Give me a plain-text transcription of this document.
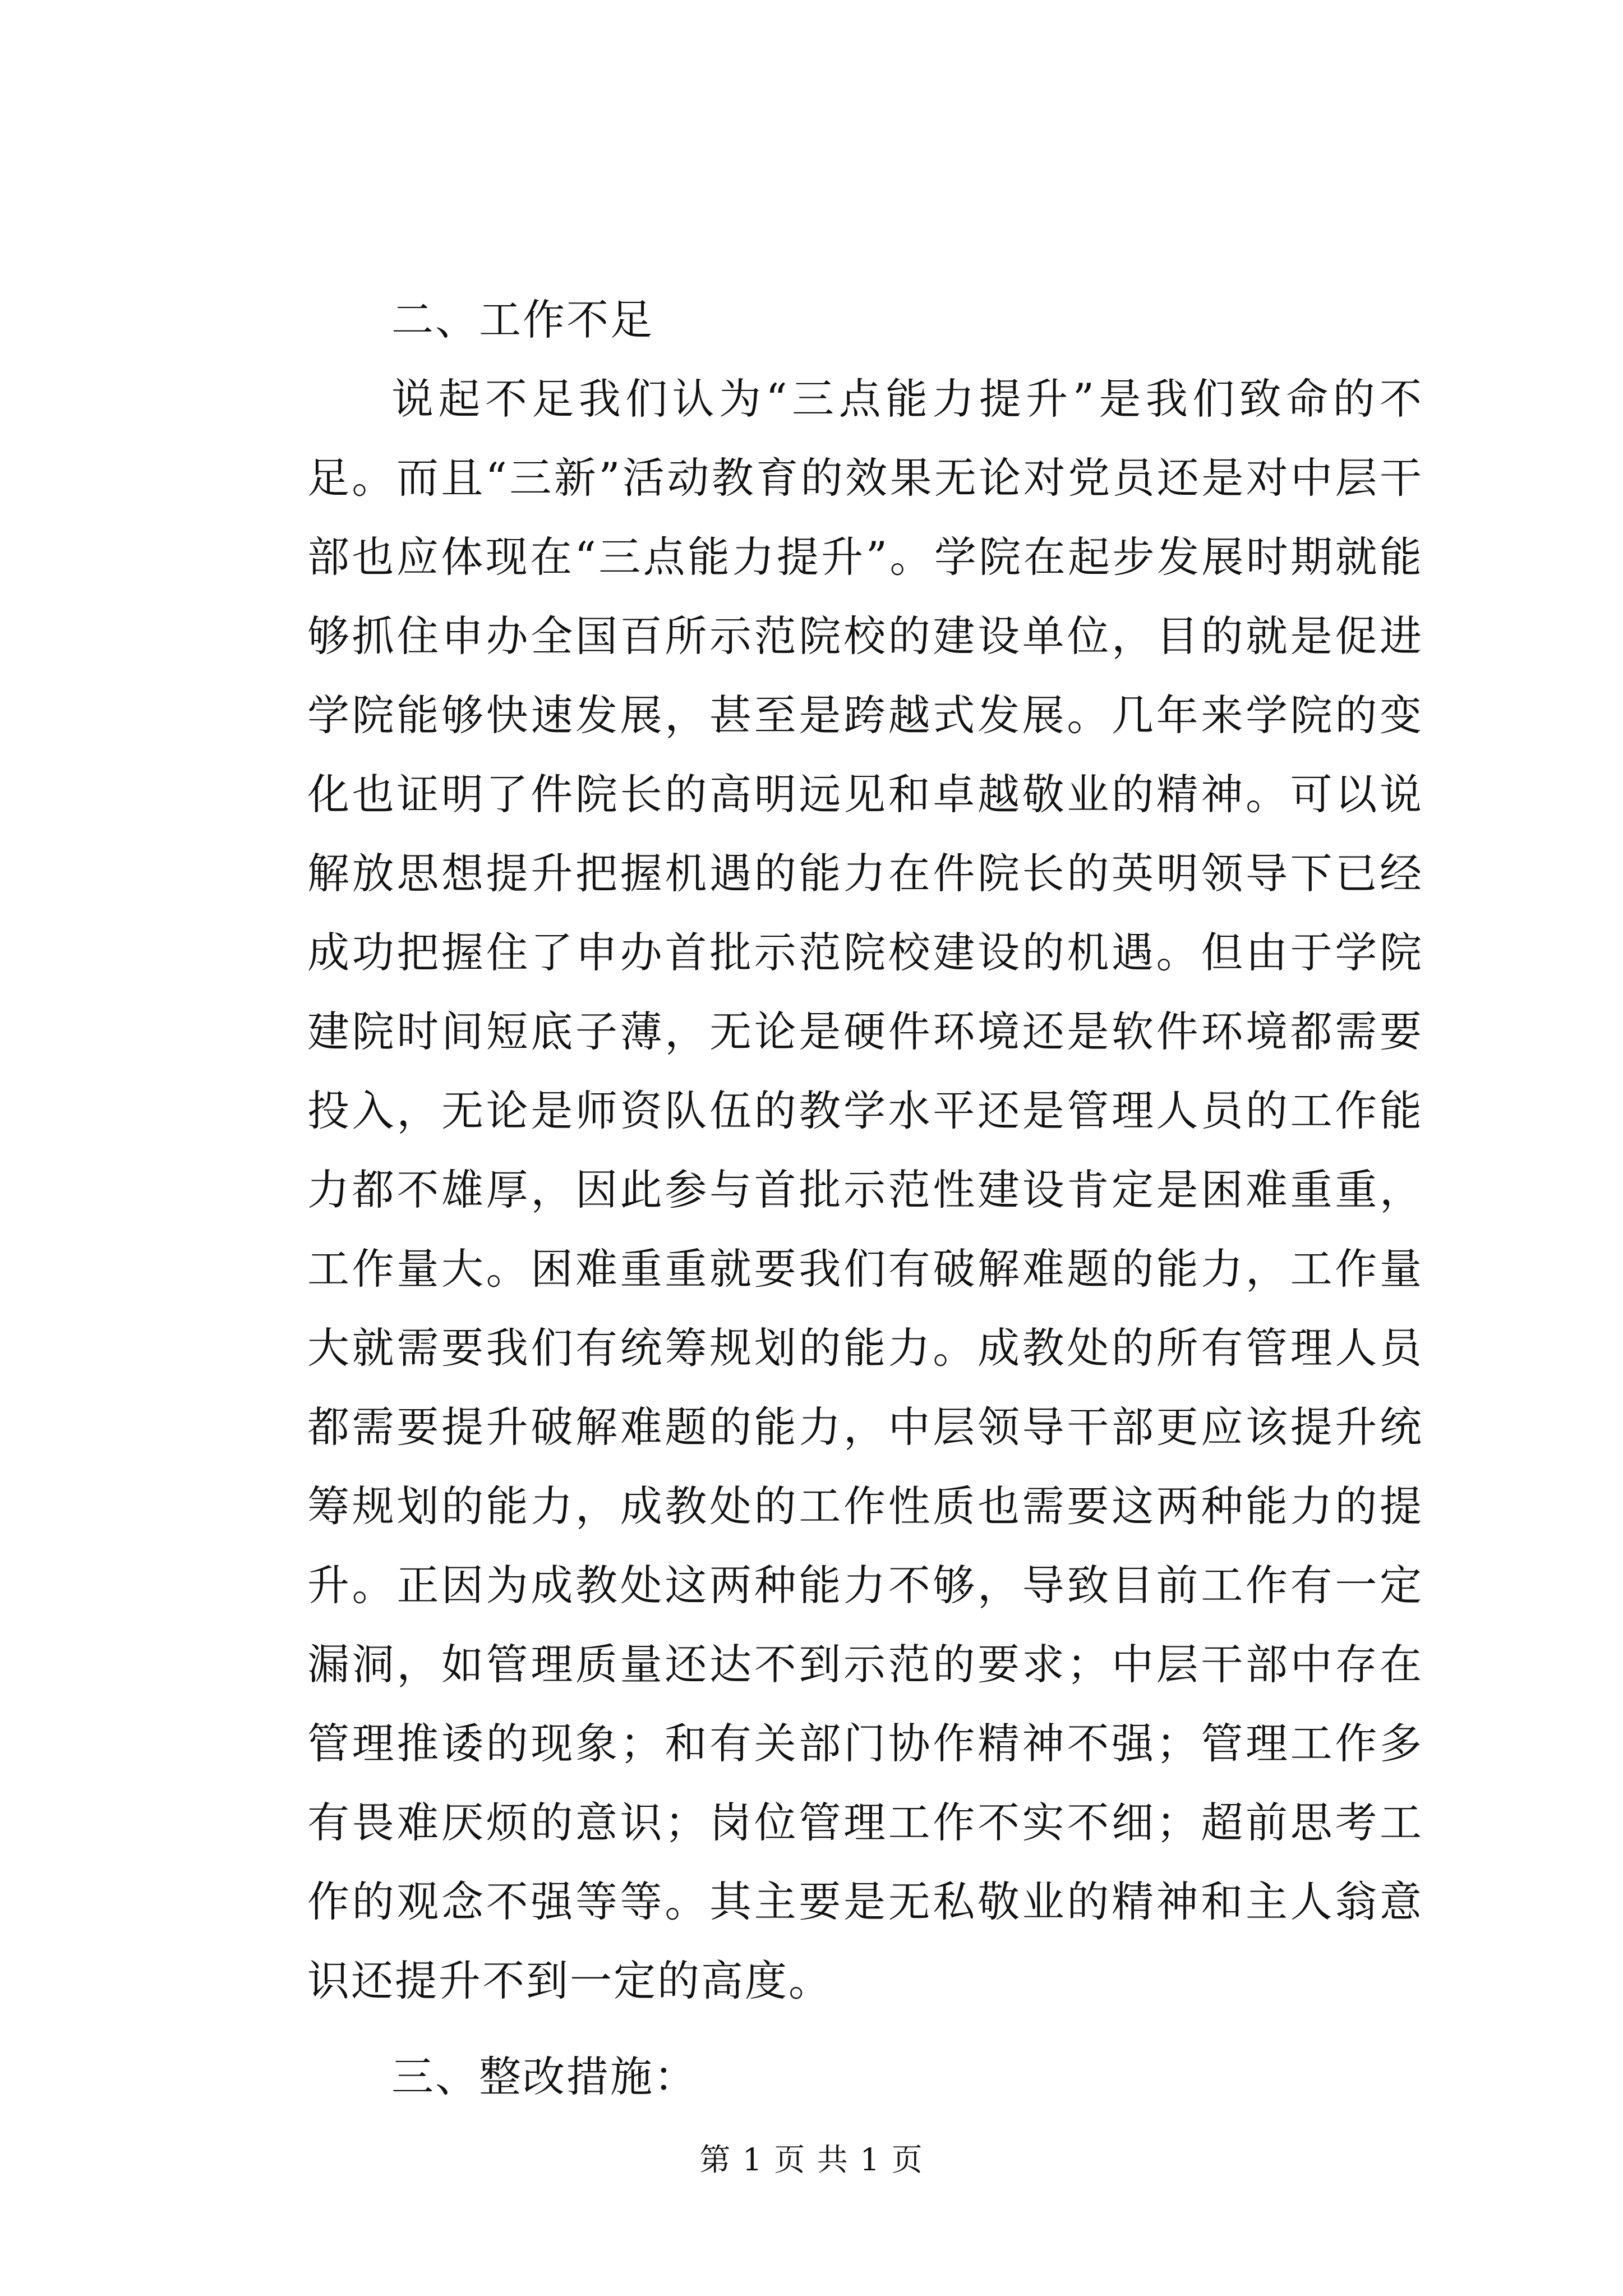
二、工作不足

说起不足我们认为“三点能力提升”是我们致命的不足。而且“三新”活动教育的效果无论对党员还是对中层干部也应体现在“三点能力提升”。学院在起步发展时期就能够抓住申办全国百所示范院校的建设单位，目的就是促进学院能够快速发展，甚至是跨越式发展。几年来学院的变化也证明了件院长的高明远见和卓越敬业的精神。可以说解放思想提升把握机遇的能力在件院长的英明领导下已经成功把握住了申办首批示范院校建设的机遇。但由于学院建院时间短底子薄，无论是硬件环境还是软件环境都需要投入，无论是师资队伍的教学水平还是管理人员的工作能力都不雄厚，因此参与首批示范性建设肯定是困难重重，工作量大。困难重重就要我们有破解难题的能力，工作量大就需要我们有统筹规划的能力。成教处的所有管理人员都需要提升破解难题的能力，中层领导干部更应该提升统筹规划的能力，成教处的工作性质也需要这两种能力的提升。正因为成教处这两种能力不够，导致目前工作有一定漏洞，如管理质量还达不到示范的要求；中层干部中存在管理推诿的现象；和有关部门协作精神不强；管理工作多有畏难厌烦的意识；岗位管理工作不实不细；超前思考工作的观念不强等等。其主要是无私敬业的精神和主人翁意识还提升不到一定的高度。

三、整改措施：
第 1 页 共 1 页
